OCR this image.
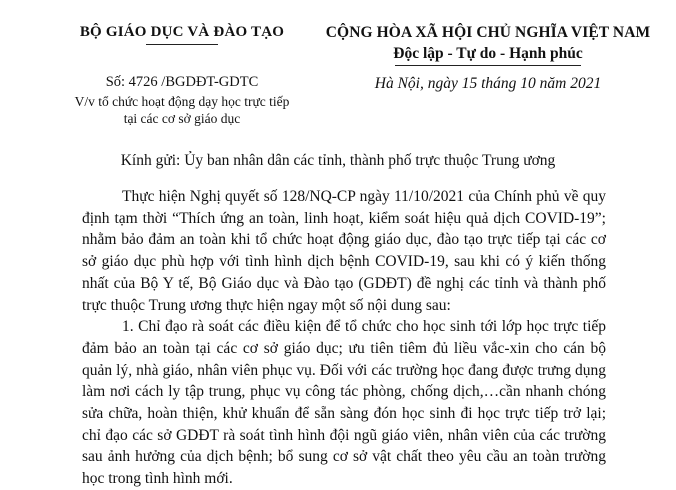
BỘ GIÁO DỤC VÀ ĐÀO TẠO	CỘNG HÒA XÃ HỘI CHỦ NGHĨA VIỆT NAM
Độc lập - Tự do - Hạnh phúc
Số: 4726 /BGDĐT-GDTC
V/v tổ chức hoạt động dạy học trực tiếp
tại các cơ sở giáo dục
Hà Nội, ngày 15 tháng 10 năm 2021
Kính gửi: Ủy ban nhân dân các tỉnh, thành phố trực thuộc Trung ương

Thực hiện Nghị quyết số 128/NQ-CP ngày 11/10/2021 của Chính phủ về quy định tạm thời “Thích ứng an toàn, linh hoạt, kiểm soát hiệu quả dịch COVID-19”; nhằm bảo đảm an toàn khi tổ chức hoạt động giáo dục, đào tạo trực tiếp tại các cơ sở giáo dục phù hợp với tình hình dịch bệnh COVID-19, sau khi có ý kiến thống nhất của Bộ Y tế, Bộ Giáo dục và Đào tạo (GDĐT) đề nghị các tỉnh và thành phố trực thuộc Trung ương thực hiện ngay một số nội dung sau:

1. Chỉ đạo rà soát các điều kiện để tổ chức cho học sinh tới lớp học trực tiếp đảm bảo an toàn tại các cơ sở giáo dục; ưu tiên tiêm đủ liều vắc-xin cho cán bộ quản lý, nhà giáo, nhân viên phục vụ. Đối với các trường học đang được trưng dụng làm nơi cách ly tập trung, phục vụ công tác phòng, chống dịch,…cần nhanh chóng sửa chữa, hoàn thiện, khử khuẩn để sẵn sàng đón học sinh đi học trực tiếp trở lại; chỉ đạo các sở GDĐT rà soát tình hình đội ngũ giáo viên, nhân viên của các trường sau ảnh hưởng của dịch bệnh; bổ sung cơ sở vật chất theo yêu cầu an toàn trường học trong tình hình mới.
